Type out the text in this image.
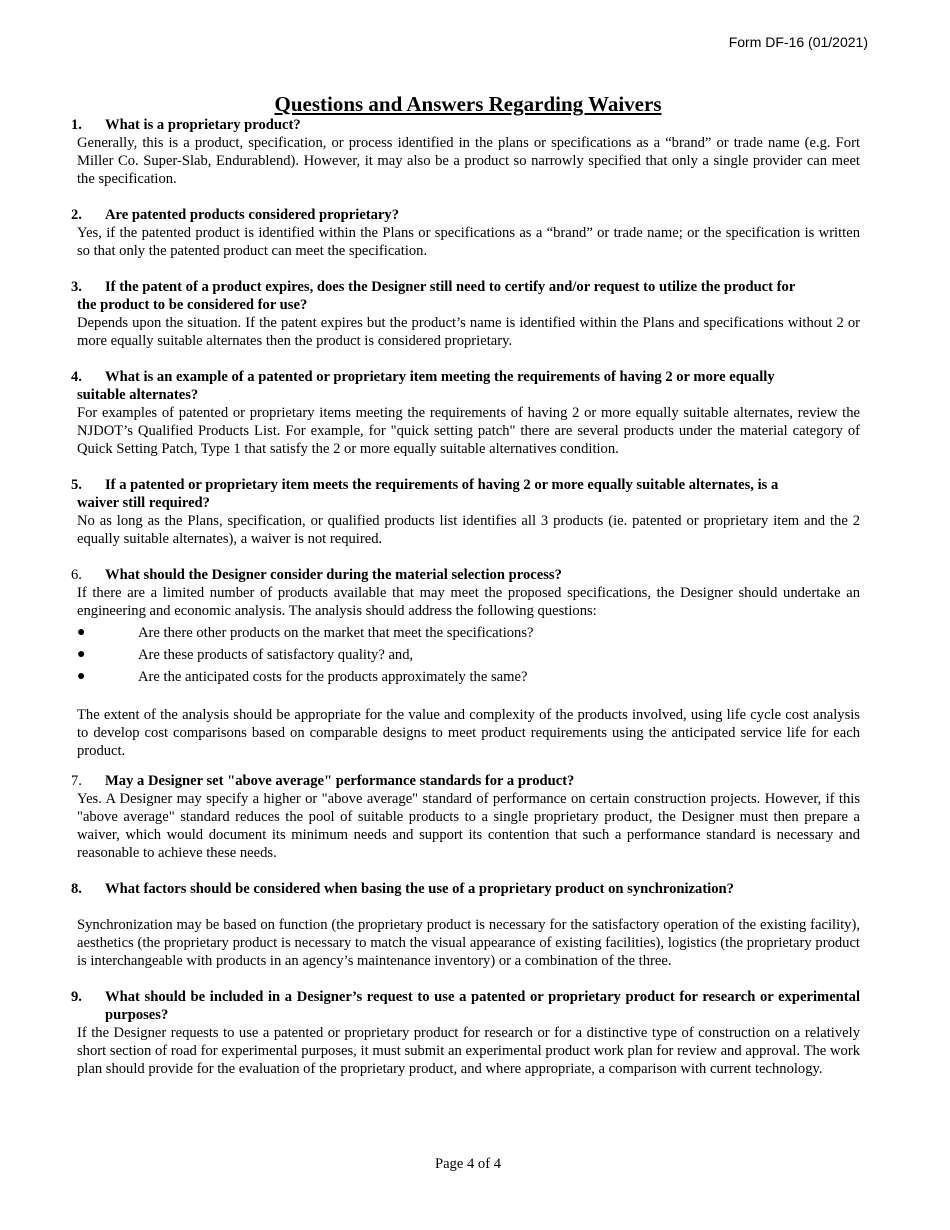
Form DF-16 (01/2021)
Questions and Answers Regarding Waivers

1. What is a proprietary product?

Generally, this is a product, specification, or process identified in the plans or specifications as a “brand” or trade name (e.g. Fort Miller Co. Super-Slab, Endurablend). However, it may also be a product so narrowly specified that only a single provider can meet the specification.

2. Are patented products considered proprietary?

Yes, if the patented product is identified within the Plans or specifications as a “brand” or trade name; or the specification is written so that only the patented product can meet the specification.

3. If the patent of a product expires, does the Designer still need to certify and/or request to utilize the product for

the product to be considered for use?

Depends upon the situation. If the patent expires but the product’s name is identified within the Plans and specifications without 2 or more equally suitable alternates then the product is considered proprietary.

4. What is an example of a patented or proprietary item meeting the requirements of having 2 or more equally

suitable alternates?

For examples of patented or proprietary items meeting the requirements of having 2 or more equally suitable alternates, review the NJDOT’s Qualified Products List. For example, for "quick setting patch" there are several products under the material category of Quick Setting Patch, Type 1 that satisfy the 2 or more equally suitable alternatives condition.

5. If a patented or proprietary item meets the requirements of having 2 or more equally suitable alternates, is a

waiver still required?

No as long as the Plans, specification, or qualified products list identifies all 3 products (ie. patented or proprietary item and the 2 equally suitable alternates), a waiver is not required.

6. What should the Designer consider during the material selection process?

If there are a limited number of products available that may meet the proposed specifications, the Designer should undertake an engineering and economic analysis. The analysis should address the following questions:

●	Are there other products on the market that meet the specifications?
●	Are these products of satisfactory quality? and,
●	Are the anticipated costs for the products approximately the same?

The extent of the analysis should be appropriate for the value and complexity of the products involved, using life cycle cost analysis to develop cost comparisons based on comparable designs to meet product requirements using the anticipated service life for each product.

7. May a Designer set "above average" performance standards for a product?

Yes. A Designer may specify a higher or "above average" standard of performance on certain construction projects. However, if this "above average" standard reduces the pool of suitable products to a single proprietary product, the Designer must then prepare a waiver, which would document its minimum needs and support its contention that such a performance standard is necessary and reasonable to achieve these needs.

8. What factors should be considered when basing the use of a proprietary product on synchronization?

Synchronization may be based on function (the proprietary product is necessary for the satisfactory operation of the existing facility), aesthetics (the proprietary product is necessary to match the visual appearance of existing facilities), logistics (the proprietary product is interchangeable with products in an agency’s maintenance inventory) or a combination of the three.

9.	What should be included in a Designer’s request to use a patented or proprietary product for research or experimental purposes?

If the Designer requests to use a patented or proprietary product for research or for a distinctive type of construction on a relatively short section of road for experimental purposes, it must submit an experimental product work plan for review and approval. The work plan should provide for the evaluation of the proprietary product, and where appropriate, a comparison with current technology.

Page 4 of 4
